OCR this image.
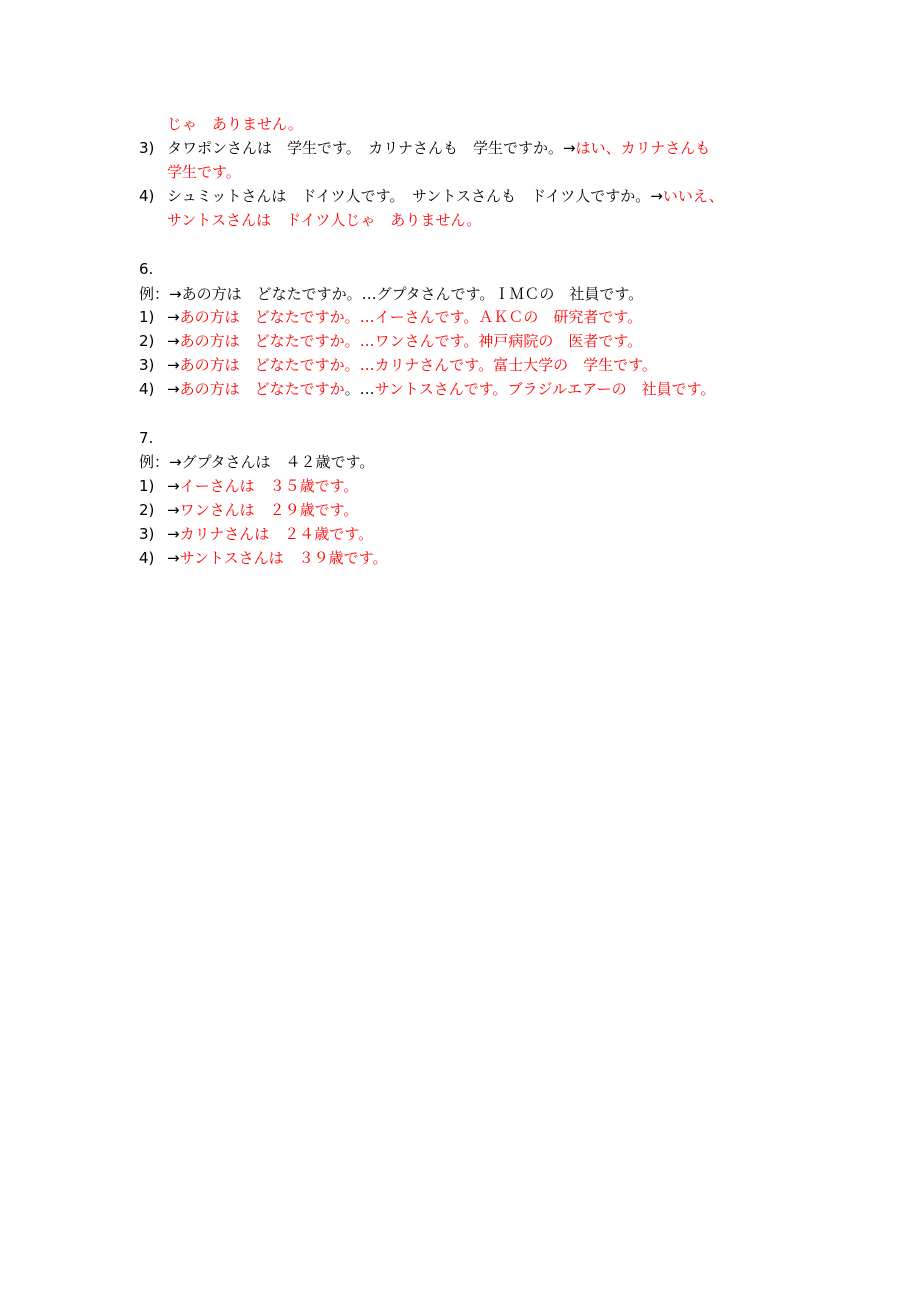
じゃ　ありません。
3) タワポンさんは　学生です。　カリナさんも　学生ですか。→はい、カリナさんも
学生です。
4) シュミットさんは　ドイツ人です。　サントスさんも　ドイツ人ですか。→いいえ、
サントスさんは　ドイツ人じゃ　ありません。
6.
例：→あの方は　どなたですか。…グプタさんです。ＩＭＣの　社員です。
1) →あの方は　どなたですか。…イーさんです。ＡＫＣの　研究者です。
2) →あの方は　どなたですか。…ワンさんです。神戸病院の　医者です。
3) →あの方は　どなたですか。…カリナさんです。富士大学の　学生です。
4) →あの方は　どなたですか。…サントスさんです。ブラジルエアーの　社員です。
7.
例：→グプタさんは　４２歳です。
1) →イーさんは　３５歳です。
2) →ワンさんは　２９歳です。
3) →カリナさんは　２４歳です。
4) →サントスさんは　３９歳です。
